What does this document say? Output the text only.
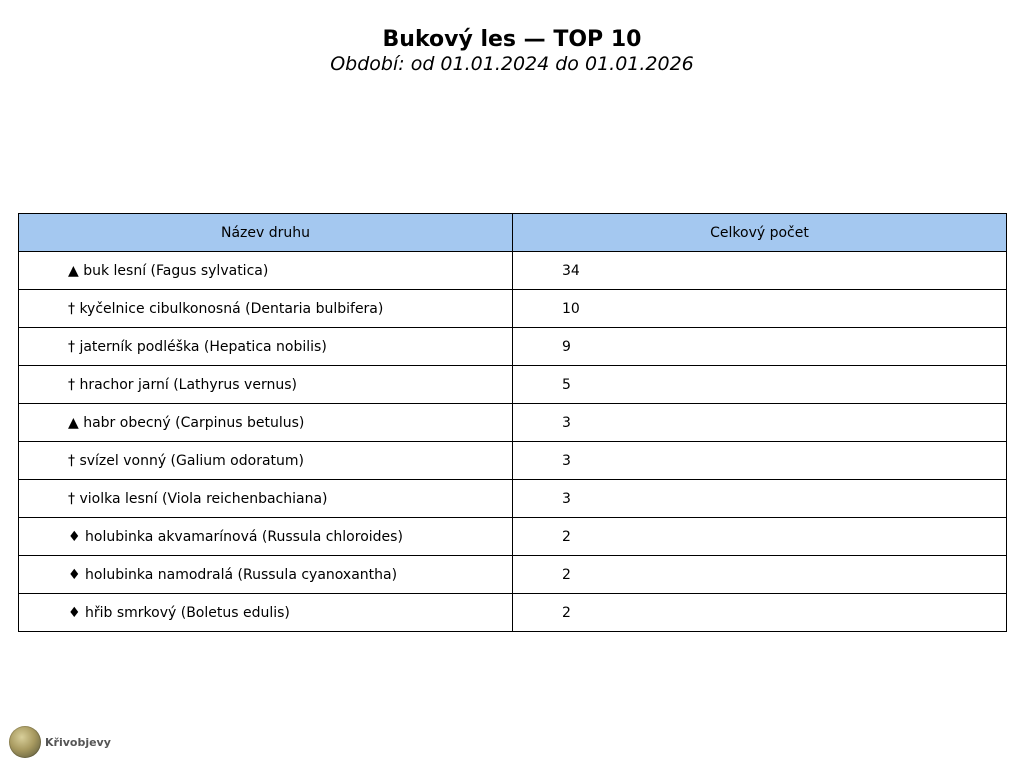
Bukový les — TOP 10
Období: od 01.01.2024 do 01.01.2026
Název druhu	Celkový počet
▲ buk lesní (Fagus sylvatica)	34
† kyčelnice cibulkonosná (Dentaria bulbifera)	10
† jaterník podléška (Hepatica nobilis)	9
† hrachor jarní (Lathyrus vernus)	5
▲ habr obecný (Carpinus betulus)	3
† svízel vonný (Galium odoratum)	3
† violka lesní (Viola reichenbachiana)	3
♦ holubinka akvamarínová (Russula chloroides)	2
♦ holubinka namodralá (Russula cyanoxantha)	2
♦ hřib smrkový (Boletus edulis)	2
Křivobjevy
